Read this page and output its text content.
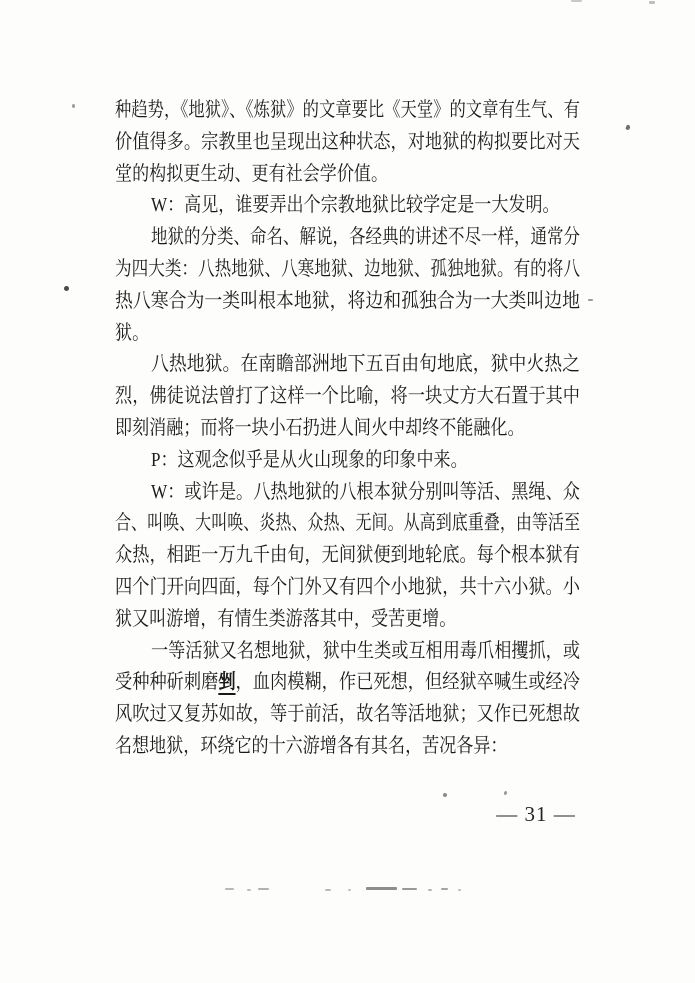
种趋势，《地狱》、《炼狱》的文章要比《天堂》的文章有生气、有
价值得多。宗教里也呈现出这种状态，对地狱的构拟要比对天
堂的构拟更生动、更有社会学价值。
W：高见，谁要弄出个宗教地狱比较学定是一大发明。
地狱的分类、命名、解说，各经典的讲述不尽一样，通常分
为四大类：八热地狱、八寒地狱、边地狱、孤独地狱。有的将八
热八寒合为一类叫根本地狱，将边和孤独合为一大类叫边地
狱。
八热地狱。在南瞻部洲地下五百由旬地底，狱中火热之
烈，佛徒说法曾打了这样一个比喻，将一块丈方大石置于其中
即刻消融；而将一块小石扔进人间火中却终不能融化。
P：这观念似乎是从火山现象的印象中来。
W：或许是。八热地狱的八根本狱分别叫等活、黑绳、众
合、叫唤、大叫唤、炎热、众热、无间。从高到底重叠，由等活至
众热，相距一万九千由旬，无间狱便到地轮底。每个根本狱有
四个门开向四面，每个门外又有四个小地狱，共十六小狱。小
狱又叫游增，有情生类游落其中，受苦更增。
一等活狱又名想地狱，狱中生类或互相用毒爪相攫抓，或
受种种斫刺磨剉，血肉模糊，作已死想，但经狱卒喊生或经冷
风吹过又复苏如故，等于前活，故名等活地狱；又作已死想故
名想地狱，环绕它的十六游增各有其名，苦况各异：
— 31 —
